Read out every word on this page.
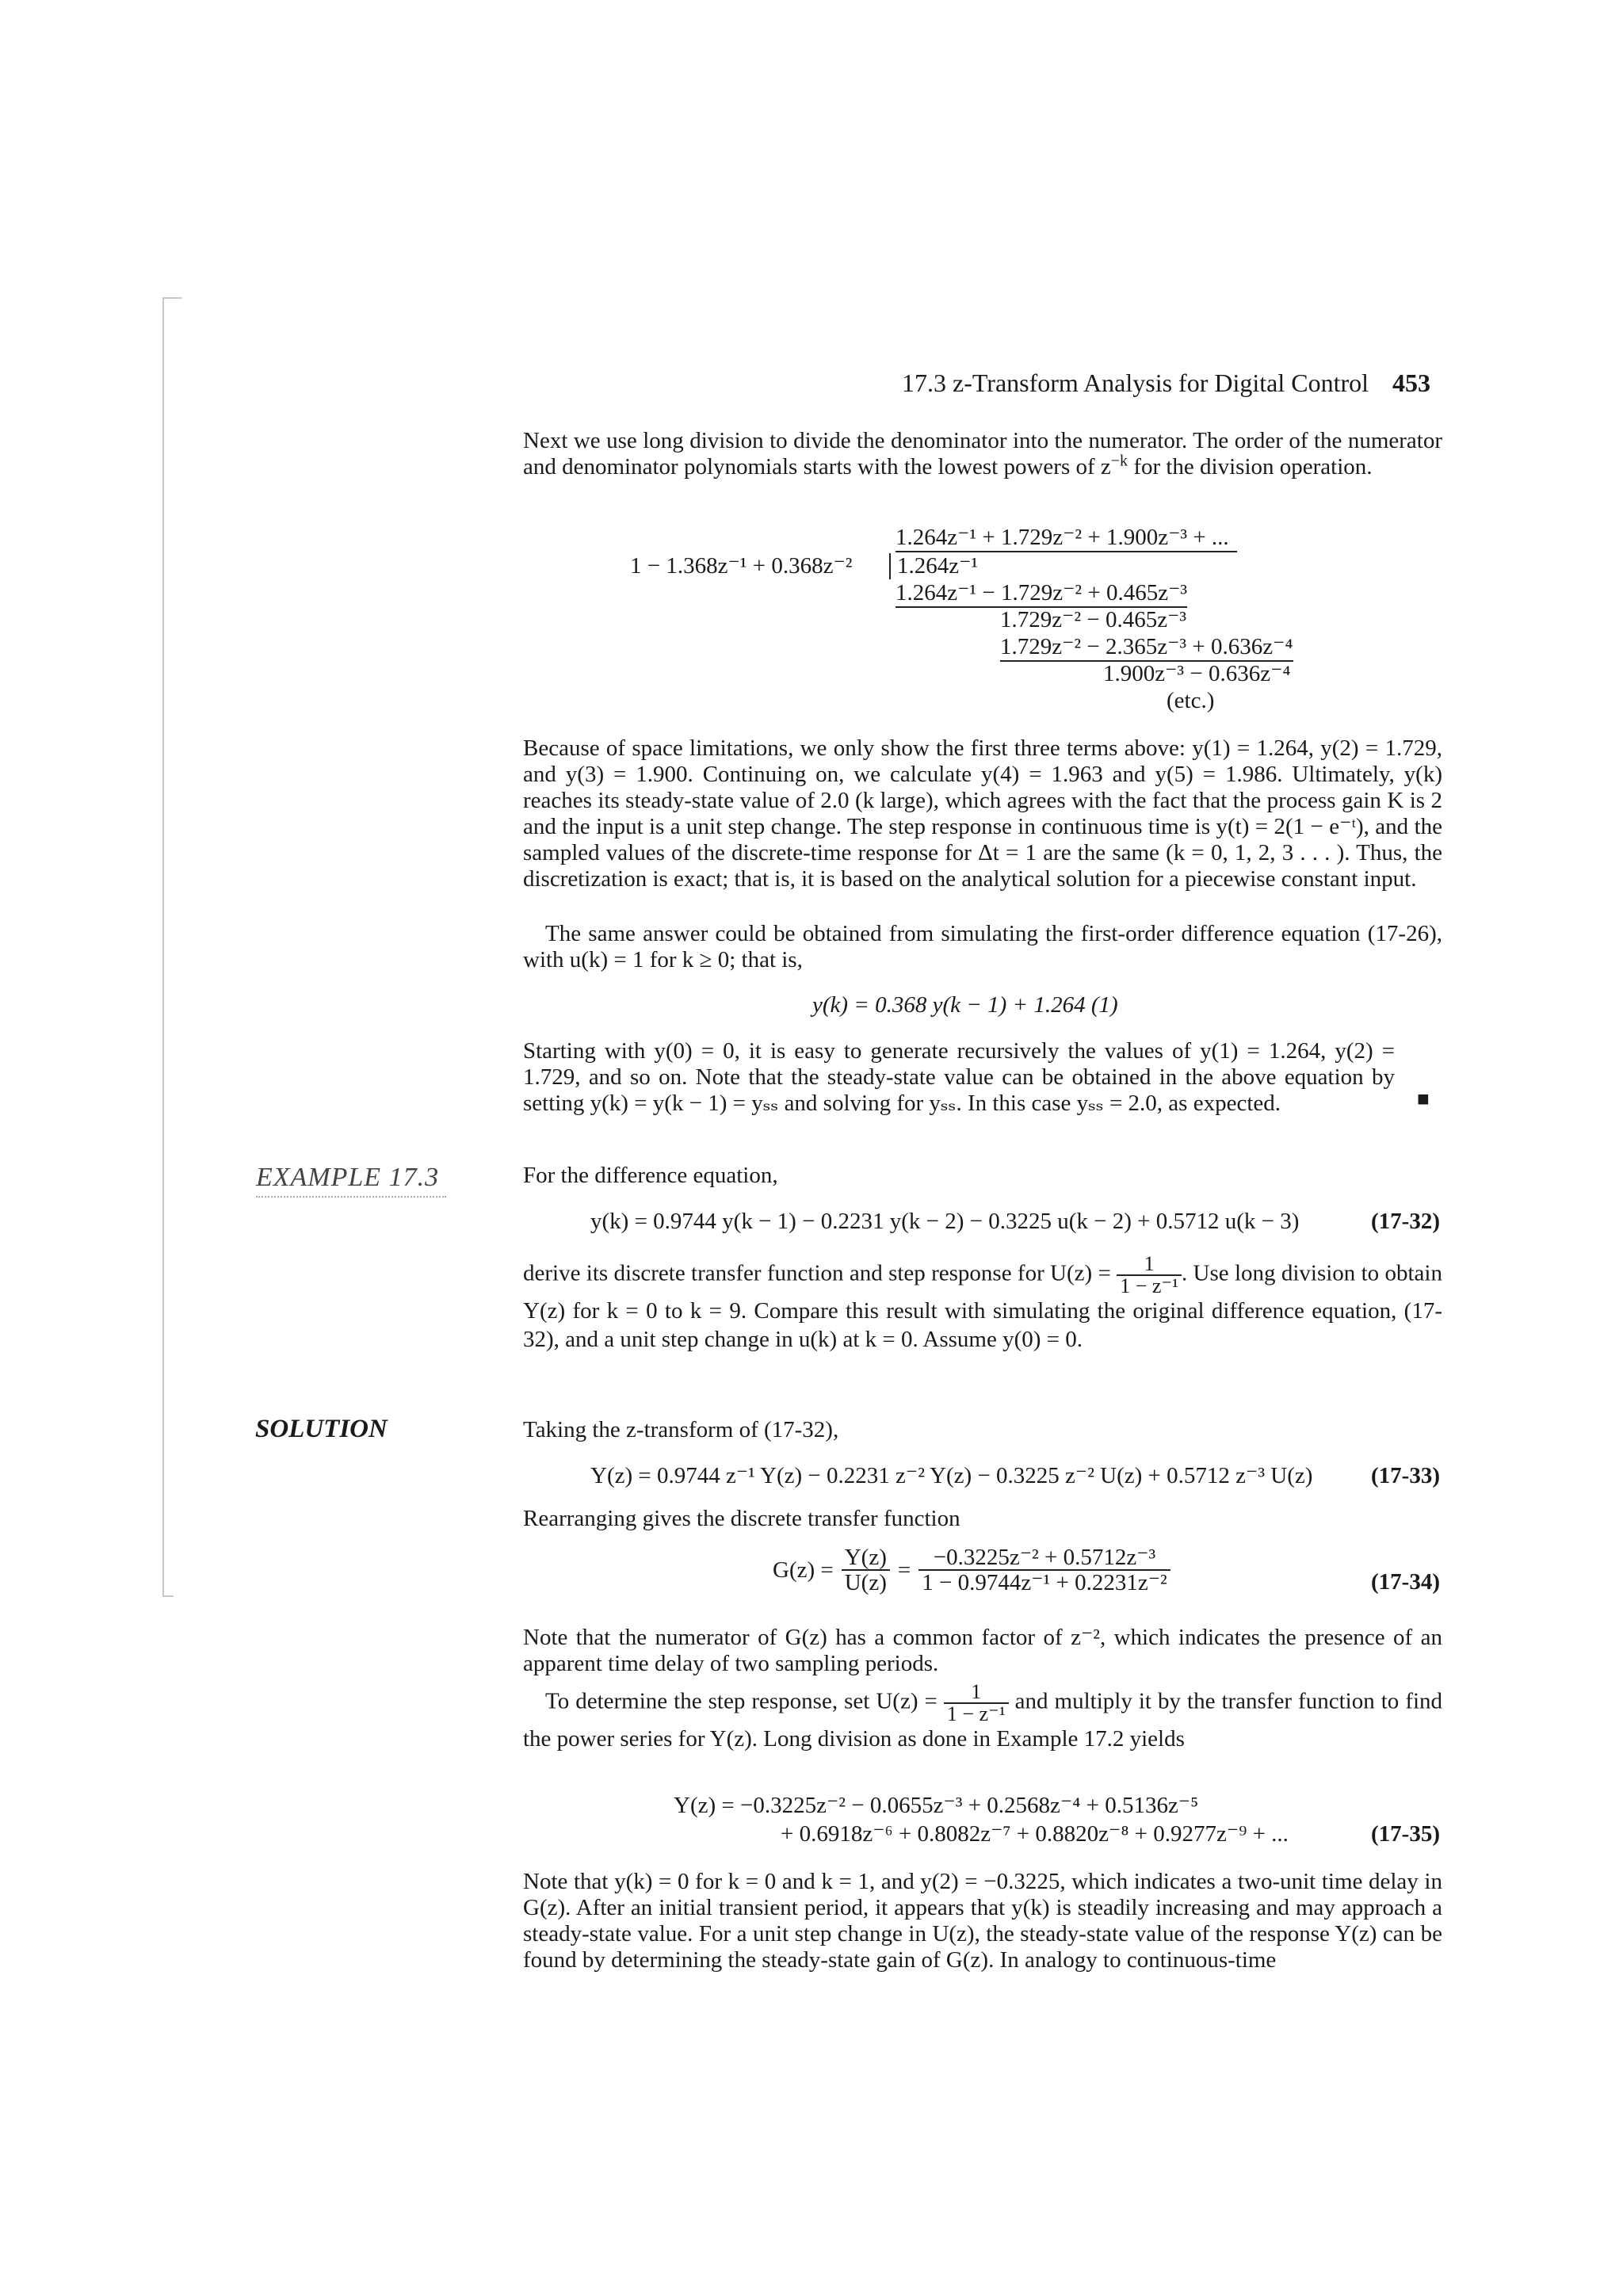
17.3 z-Transform Analysis for Digital Control 453
Next we use long division to divide the denominator into the numerator. The order of the numerator and denominator polynomials starts with the lowest powers of $z^{-k}$ for the division operation.
1.264z⁻¹ + 1.729z⁻² + 1.900z⁻³ + ...
1 − 1.368z⁻¹ + 0.368z⁻²	1.264z⁻¹
1.264z⁻¹ − 1.729z⁻² + 0.465z⁻³
1.729z⁻² − 0.465z⁻³
1.729z⁻² − 2.365z⁻³ + 0.636z⁻⁴
1.900z⁻³ − 0.636z⁻⁴
(etc.)
Because of space limitations, we only show the first three terms above: y(1) = 1.264, y(2) = 1.729, and y(3) = 1.900. Continuing on, we calculate y(4) = 1.963 and y(5) = 1.986. Ultimately, y(k) reaches its steady-state value of 2.0 (k large), which agrees with the fact that the process gain K is 2 and the input is a unit step change. The step response in continuous time is y(t) = 2(1 − e⁻ᵗ), and the sampled values of the discrete-time response for Δt = 1 are the same (k = 0, 1, 2, 3 . . . ). Thus, the discretization is exact; that is, it is based on the analytical solution for a piecewise constant input.
The same answer could be obtained from simulating the first-order difference equation (17-26), with u(k) = 1 for k ≥ 0; that is,
y(k) = 0.368 y(k − 1) + 1.264 (1)
Starting with y(0) = 0, it is easy to generate recursively the values of y(1) = 1.264, y(2) = 1.729, and so on. Note that the steady-state value can be obtained in the above equation by setting y(k) = y(k − 1) = yₛₛ and solving for yₛₛ. In this case yₛₛ = 2.0, as expected.	■
EXAMPLE 17.3	For the difference equation,
y(k) = 0.9744 y(k − 1) − 0.2231 y(k − 2) − 0.3225 u(k − 2) + 0.5712 u(k − 3)	(17-32)
derive its discrete transfer function and step response for $U(z) = \frac{1}{\text{1 − z⁻¹}}$ . Use long division to obtain Y(z) for k = 0 to k = 9. Compare this result with simulating the original difference equation, (17-32), and a unit step change in u(k) at k = 0. Assume y(0) = 0.
SOLUTION	Taking the z-transform of (17-32),
Y(z) = 0.9744 z⁻¹ Y(z) − 0.2231 z⁻² Y(z) − 0.3225 z⁻² U(z) + 0.5712 z⁻³ U(z)	(17-33)
Rearranging gives the discrete transfer function
$G(z) = \frac{Y(z)}{U(z)} = \frac{\text{−0.3225z⁻² + 0.5712z⁻³}}{\text{1 − 0.9744z⁻¹ + 0.2231z⁻²}}$	(17-34)
Note that the numerator of G(z) has a common factor of z⁻², which indicates the presence of an apparent time delay of two sampling periods.
To determine the step response, set $U(z) = \frac{1}{\text{1 − z⁻¹}}$ and multiply it by the transfer function to find the power series for Y(z). Long division as done in Example 17.2 yields
Y(z) = −0.3225z⁻² − 0.0655z⁻³ + 0.2568z⁻⁴ + 0.5136z⁻⁵
+ 0.6918z⁻⁶ + 0.8082z⁻⁷ + 0.8820z⁻⁸ + 0.9277z⁻⁹ + ...	(17-35)
Note that y(k) = 0 for k = 0 and k = 1, and y(2) = −0.3225, which indicates a two-unit time delay in G(z). After an initial transient period, it appears that y(k) is steadily increasing and may approach a steady-state value. For a unit step change in U(z), the steady-state value of the response Y(z) can be found by determining the steady-state gain of G(z). In analogy to continuous-time
